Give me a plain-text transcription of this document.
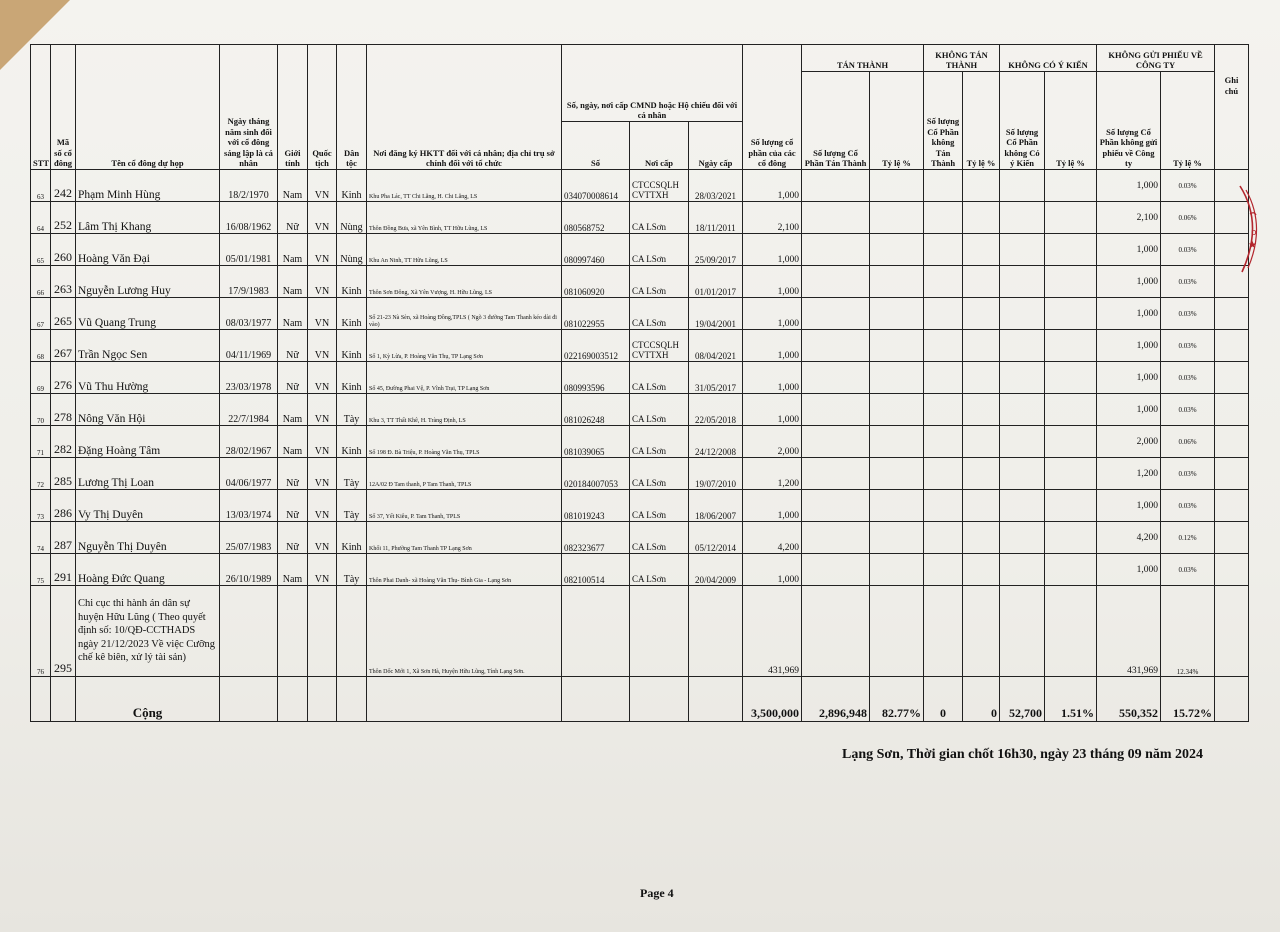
STT	Mã số cổ đông	Tên cổ đông dự họp	Ngày tháng năm sinh đối với cổ đông sáng lập là cá nhân	Giới tính	Quốc tịch	Dân tộc	Nơi đăng ký HKTT đối với cá nhân; địa chỉ trụ sở chính đối với tổ chức	Số, ngày, nơi cấp CMND hoặc Hộ chiếu đối với cá nhân			Số lượng cổ phần của các cổ đông	TÁN THÀNH		KHÔNG TÁN THÀNH		KHÔNG CÓ Ý KIẾN		KHÔNG GỬI PHIẾU VỀ CÔNG TY		Ghi chú
												Số lượng Cổ Phần Tán Thành	Tỷ lệ %	Số lượng Cổ Phần không Tán Thành	Tỷ lệ %	Số lượng Cổ Phần không Có ý Kiến	Tỷ lệ %	Số lượng Cổ Phần không gửi phiếu về Công ty	Tỷ lệ %	
								Số	Nơi cấp	Ngày cấp										
63	242	Phạm Minh Hùng	18/2/1970	Nam	VN	Kinh	Khu Pha Lác, TT Chi Lăng, H. Chi Lăng, LS	034070008614	CTCCSQLH CVTTXH	28/03/2021	1,000							1,000	0.03%	
64	252	Lâm Thị Khang	16/08/1962	Nữ	VN	Nùng	Thôn Đồng Bưa, xã Yên Bình, TT Hữu Lũng, LS	080568752	CA LSơn	18/11/2011	2,100							2,100	0.06%	
65	260	Hoàng Văn Đại	05/01/1981	Nam	VN	Nùng	Khu An Ninh, TT Hữu Lũng, LS	080997460	CA LSơn	25/09/2017	1,000							1,000	0.03%	
66	263	Nguyễn Lương Huy	17/9/1983	Nam	VN	Kinh	Thôn Sơn Đông, Xã Yên Vượng, H. Hữu Lũng, LS	081060920	CA LSơn	01/01/2017	1,000							1,000	0.03%	
67	265	Vũ Quang Trung	08/03/1977	Nam	VN	Kinh	Số 21-23 Nà Sèn, xã Hoàng Đồng,TPLS ( Ngõ 3 đường Tam Thanh kéo dài đi vào)	081022955	CA LSơn	19/04/2001	1,000							1,000	0.03%	
68	267	Trần Ngọc Sen	04/11/1969	Nữ	VN	Kinh	Số 1, Kỳ Lừa, P. Hoàng Văn Thụ, TP Lạng Sơn	022169003512	CTCCSQLH CVTTXH	08/04/2021	1,000							1,000	0.03%	
69	276	Vũ Thu Hường	23/03/1978	Nữ	VN	Kinh	Số 45, Đường Phai Vệ, P. Vĩnh Trại, TP Lạng Sơn	080993596	CA LSơn	31/05/2017	1,000							1,000	0.03%	
70	278	Nông Văn Hội	22/7/1984	Nam	VN	Tày	Khu 3, TT Thất Khê, H. Tràng Định, LS	081026248	CA LSơn	22/05/2018	1,000							1,000	0.03%	
71	282	Đặng Hoàng Tâm	28/02/1967	Nam	VN	Kinh	Số 198 Đ. Bà Triệu, P. Hoàng Văn Thụ, TPLS	081039065	CA LSơn	24/12/2008	2,000							2,000	0.06%	
72	285	Lương Thị Loan	04/06/1977	Nữ	VN	Tày	12A/02 Đ Tam thanh, P Tam Thanh, TPLS	020184007053	CA LSơn	19/07/2010	1,200							1,200	0.03%	
73	286	Vy Thị Duyên	13/03/1974	Nữ	VN	Tày	Số 37, Yết Kiêu, P. Tam Thanh, TPLS	081019243	CA LSơn	18/06/2007	1,000							1,000	0.03%	
74	287	Nguyễn Thị Duyên	25/07/1983	Nữ	VN	Kinh	Khối 11, Phường Tam Thanh TP Lạng Sơn	082323677	CA LSơn	05/12/2014	4,200							4,200	0.12%	
75	291	Hoàng Đức Quang	26/10/1989	Nam	VN	Tày	Thôn Phai Danh- xã Hoàng Văn Thụ- Bình Gia - Lạng Sơn	082100514	CA LSơn	20/04/2009	1,000							1,000	0.03%	
76	295	Chi cục thi hành án dân sự huyện Hữu Lũng ( Theo quyết định số: 10/QĐ-CCTHADS ngày 21/12/2023 Về việc Cưỡng chế kê biên, xử lý tài sản)					Thôn Dốc Mới 1, Xã Sơn Hà, Huyện Hữu Lũng, Tỉnh Lạng Sơn.				431,969							431,969	12.34%	
		Cộng									3,500,000	2,896,948	82.77%	0	0	52,700	1.51%	550,352	15.72%	
o
★
Lạng Sơn, Thời gian chốt 16h30, ngày 23 tháng 09 năm 2024
Page 4
